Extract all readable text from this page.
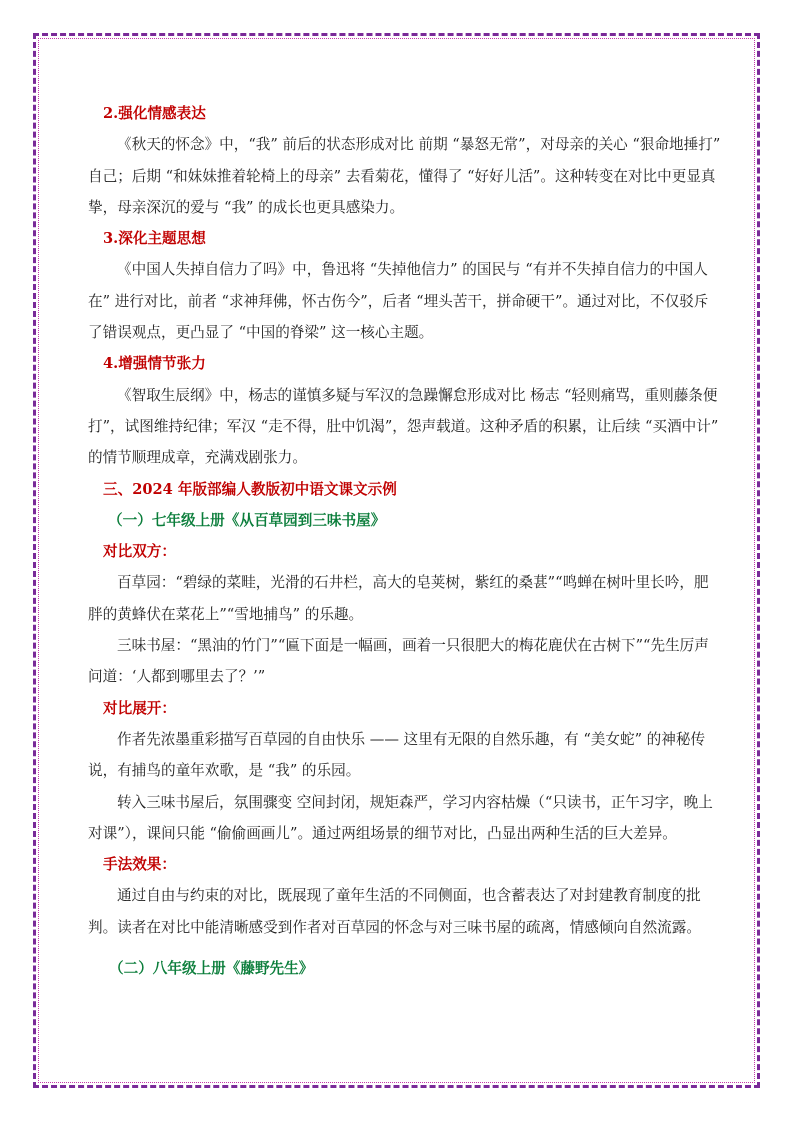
2.强化情感表达

《秋天的怀念》中，“我” 前后的状态形成对比 前期 “暴怒无常”，对母亲的关心 “狠命地捶打” 自己；后期 “和妹妹推着轮椅上的母亲” 去看菊花，懂得了 “好好儿活”。这种转变在对比中更显真挚，母亲深沉的爱与 “我” 的成长也更具感染力。

3.深化主题思想

《中国人失掉自信力了吗》中，鲁迅将 “失掉他信力” 的国民与 “有并不失掉自信力的中国人在” 进行对比，前者 “求神拜佛，怀古伤今”，后者 “埋头苦干，拼命硬干”。通过对比，不仅驳斥了错误观点，更凸显了 “中国的脊梁” 这一核心主题。

4.增强情节张力

《智取生辰纲》中，杨志的谨慎多疑与军汉的急躁懈怠形成对比 杨志 “轻则痛骂，重则藤条便打”，试图维持纪律；军汉 “走不得，肚中饥渴”，怨声载道。这种矛盾的积累，让后续 “买酒中计” 的情节顺理成章，充满戏剧张力。

三、2024 年版部编人教版初中语文课文示例

（一）七年级上册《从百草园到三味书屋》

对比双方：

百草园：“碧绿的菜畦，光滑的石井栏，高大的皂荚树，紫红的桑葚”“鸣蝉在树叶里长吟，肥胖的黄蜂伏在菜花上”“雪地捕鸟” 的乐趣。

三味书屋：“黑油的竹门”“匾下面是一幅画，画着一只很肥大的梅花鹿伏在古树下”“先生厉声问道：‘人都到哪里去了？’”

对比展开：

作者先浓墨重彩描写百草园的自由快乐 —— 这里有无限的自然乐趣，有 “美女蛇” 的神秘传说，有捕鸟的童年欢歌，是 “我” 的乐园。

转入三味书屋后，氛围骤变 空间封闭，规矩森严，学习内容枯燥（“只读书，正午习字，晚上对课”），课间只能 “偷偷画画儿”。通过两组场景的细节对比，凸显出两种生活的巨大差异。

手法效果：

通过自由与约束的对比，既展现了童年生活的不同侧面，也含蓄表达了对封建教育制度的批判。读者在对比中能清晰感受到作者对百草园的怀念与对三味书屋的疏离，情感倾向自然流露。

（二）八年级上册《藤野先生》
